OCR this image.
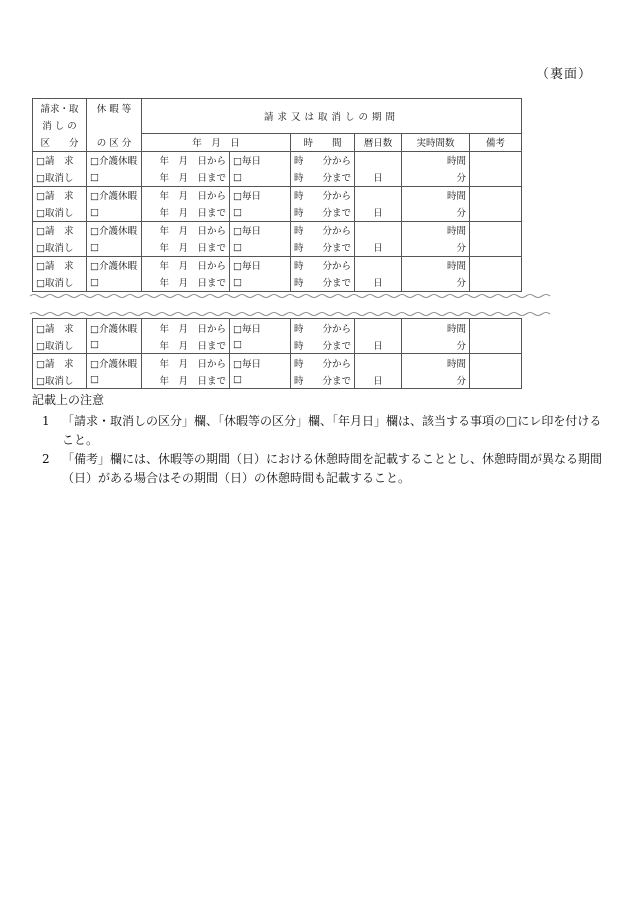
（裏面）
請求・取	休 暇 等	請求又は取消しの期間					
消 し の							
区　　分	の 区 分	年　月　日		時　　間	暦日数	実時間数	備考
□請　求	□介護休暇	年　月　日から	□毎日	時　　分から		時間	
□取消し	□	年　月　日まで	□	時　　分まで	日	分	
□請　求	□介護休暇	年　月　日から	□毎日	時　　分から		時間	
□取消し	□	年　月　日まで	□	時　　分まで	日	分	
□請　求	□介護休暇	年　月　日から	□毎日	時　　分から		時間	
□取消し	□	年　月　日まで	□	時　　分まで	日	分	
□請　求	□介護休暇	年　月　日から	□毎日	時　　分から		時間	
□取消し	□	年　月　日まで	□	時　　分まで	日	分	
□請　求	□介護休暇	年　月　日から	□毎日	時　　分から		時間	
□取消し	□	年　月　日まで	□	時　　分まで	日	分	
□請　求	□介護休暇	年　月　日から	□毎日	時　　分から		時間	
□取消し	□	年　月　日まで	□	時　　分まで	日	分	
記載上の注意
1	「請求・取消しの区分」欄、「休暇等の区分」欄、「年月日」欄は、該当する事項の□にレ印を付けること。
2	「備考」欄には、休暇等の期間（日）における休憩時間を記載することとし、休憩時間が異なる期間（日）がある場合はその期間（日）の休憩時間も記載すること。
